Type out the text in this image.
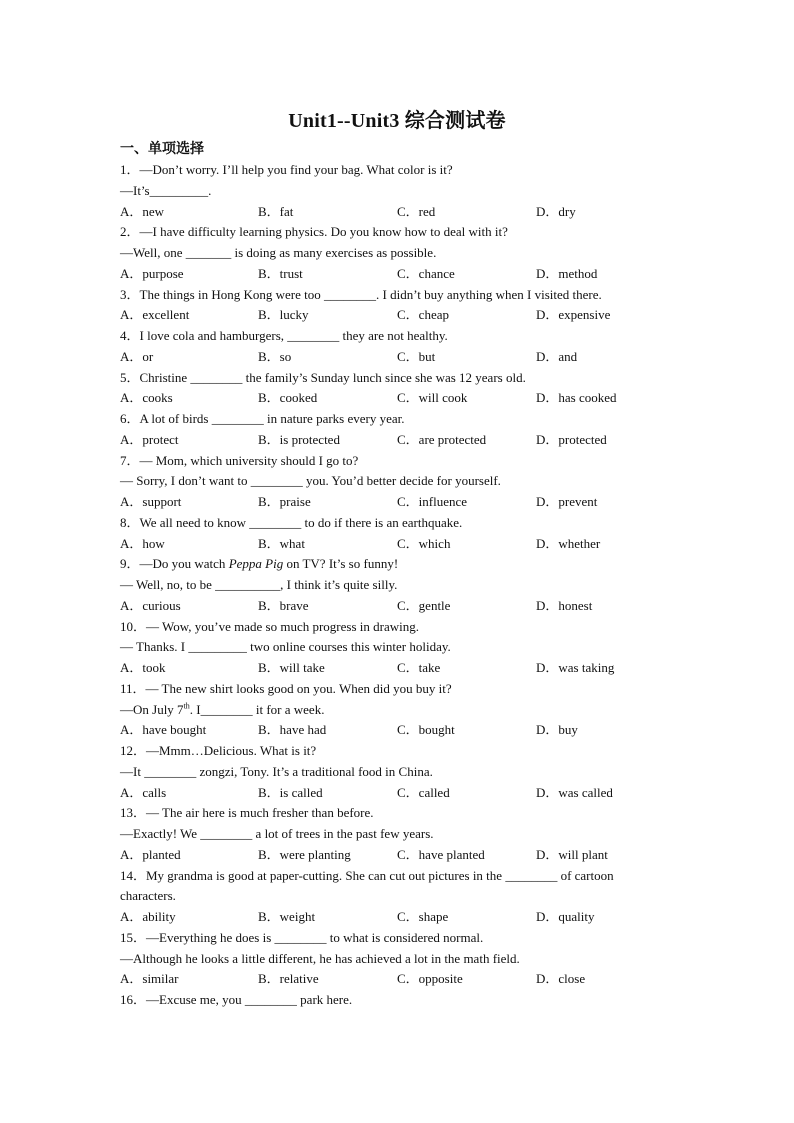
Unit1--Unit3 综合测试卷
一、单项选择
1．—Don’t worry. I’ll help you find your bag. What color is it?
—It’s_________.
A．new	B．fat	C．red	D．dry
2．—I have difficulty learning physics. Do you know how to deal with it?
—Well, one _______ is doing as many exercises as possible.
A．purpose	B．trust	C．chance	D．method
3．The things in Hong Kong were too ________. I didn’t buy anything when I visited there.
A．excellent	B．lucky	C．cheap	D．expensive
4．I love cola and hamburgers, ________ they are not healthy.
A．or	B．so	C．but	D．and
5．Christine ________ the family’s Sunday lunch since she was 12 years old.
A．cooks	B．cooked	C．will cook	D．has cooked
6．A lot of birds ________ in nature parks every year.
A．protect	B．is protected	C．are protected	D．protected
7．— Mom, which university should I go to?
— Sorry, I don’t want to ________ you. You’d better decide for yourself.
A．support	B．praise	C．influence	D．prevent
8．We all need to know ________ to do if there is an earthquake.
A．how	B．what	C．which	D．whether
9．—Do you watch Peppa Pig on TV? It’s so funny!
— Well, no, to be __________, I think it’s quite silly.
A．curious	B．brave	C．gentle	D．honest
10．— Wow, you’ve made so much progress in drawing.
— Thanks. I _________ two online courses this winter holiday.
A．took	B．will take	C．take	D．was taking
11．— The new shirt looks good on you. When did you buy it?
—On July 7th. I________ it for a week.
A．have bought	B．have had	C．bought	D．buy
12．—Mmm…Delicious. What is it?
—It ________ zongzi, Tony. It’s a traditional food in China.
A．calls	B．is called	C．called	D．was called
13．— The air here is much fresher than before.
—Exactly! We ________ a lot of trees in the past few years.
A．planted	B．were planting	C．have planted	D．will plant
14．My grandma is good at paper-cutting. She can cut out pictures in the ________ of cartoon
characters.
A．ability	B．weight	C．shape	D．quality
15．—Everything he does is ________ to what is considered normal.
—Although he looks a little different, he has achieved a lot in the math field.
A．similar	B．relative	C．opposite	D．close
16．—Excuse me, you ________ park here.
